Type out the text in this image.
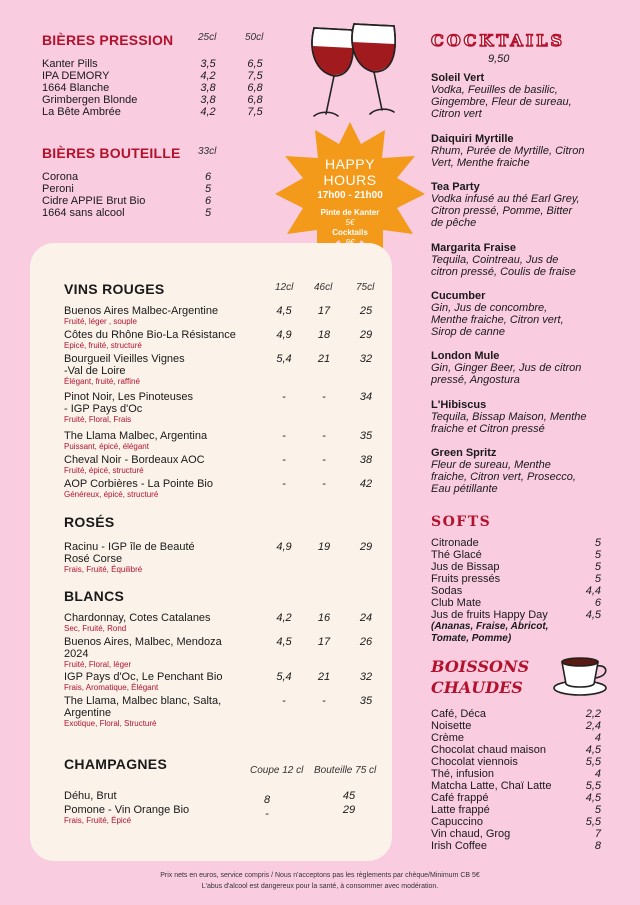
BIÈRES PRESSION 25cl	50cl
Kanter Pills	3,5	6,5
IPA DEMORY	4,2	7,5
1664 Blanche	3,8	6,8
Grimbergen Blonde	3,8	6,8
La Bête Ambrée	4,2	7,5
BIÈRES BOUTEILLE 33cl
Corona	6
Peroni	5
Cidre APPIE Brut Bio	6
1664 sans alcool	5
HAPPY
HOURS
17h00 - 21h00
Pinte de Kanter
5€
Cocktails
COCKTAILS
9,50
Soleil Vert
Vodka, Feuilles de basilic,
Gingembre, Fleur de sureau,
Citron vert
Daiquiri Myrtille
Rhum, Purée de Myrtille, Citron
Vert, Menthe fraiche
Tea Party
Vodka infusé au thé Earl Grey,
Citron pressé, Pomme, Bitter
de pêche
Margarita Fraise
Tequila, Cointreau, Jus de
citron pressé, Coulis de fraise
Cucumber
Gin, Jus de concombre,
Menthe fraiche, Citron vert,
Sirop de canne
London Mule
Gin, Ginger Beer, Jus de citron
pressé, Angostura
L'Hibiscus
Tequila, Bissap Maison, Menthe
fraiche et Citron pressé
Green Spritz
Fleur de sureau, Menthe
fraiche, Citron vert, Prosecco,
Eau pétillante
SOFTS
Citronade	5
Thé Glacé	5
Jus de Bissap	5
Fruits pressés	5
Sodas	4,4
Club Mate	6
Jus de fruits Happy Day	4,5
(Ananas, Fraise, Abricot,
Tomate, Pomme)
BOISSONS
CHAUDES
Café, Déca	2,2
Noisette	2,4
Crème	4
Chocolat chaud maison	4,5
Chocolat viennois	5,5
Thé, infusion	4
Matcha Latte, Chaï Latte	5,5
Café frappé	4,5
Latte frappé	5
Capuccino	5,5
Vin chaud, Grog	7
Irish Coffee	8
VINS ROUGES	12cl 46cl 75cl
Buenos Aires Malbec-Argentine
Fruité, léger , souple
4,5	17	25
Côtes du Rhône Bio-La Résistance
Epicé, fruité, structuré
4,9	18	29
Bourgueil Vieilles Vignes
-Val de Loire
Élégant, fruité, raffiné
5,4	21	32
Pinot Noir, Les Pinoteuses
- IGP Pays d'Oc
Fruité, Floral, Frais
-	-	34
The Llama Malbec, Argentina
Puissant, épicé, élégant
-	-	35
Cheval Noir - Bordeaux AOC
Fruité, épicé, structuré
-	-	38
AOP Corbières - La Pointe Bio
Généreux, épicé, structuré
-	-	42
ROSÉS
Racinu - IGP île de Beauté
Rosé Corse
Frais, Fruité, Équilibré
4,9	19	29
BLANCS
Chardonnay, Cotes Catalanes
Sec, Fruité, Rond
4,2	16	24
Buenos Aires, Malbec, Mendoza
2024
Fruité, Floral, léger
4,5	17	26
IGP Pays d'Oc, Le Penchant Bio
Frais, Aromatique, Élégant
5,4	21	32
The Llama, Malbec blanc, Salta,
Argentine
Exotique, Floral, Structuré
-	-	35
CHAMPAGNES	Coupe 12 cl Bouteille 75 cl
Déhu, Brut	8	45
Pomone - Vin Orange Bio
Frais, Fruité, Épicé
-	29
Prix nets en euros, service compris / Nous n'acceptons pas les règlements par chèque/Minimum CB 5€
L'abus d'alcool est dangereux pour la santé, à consommer avec modération.
